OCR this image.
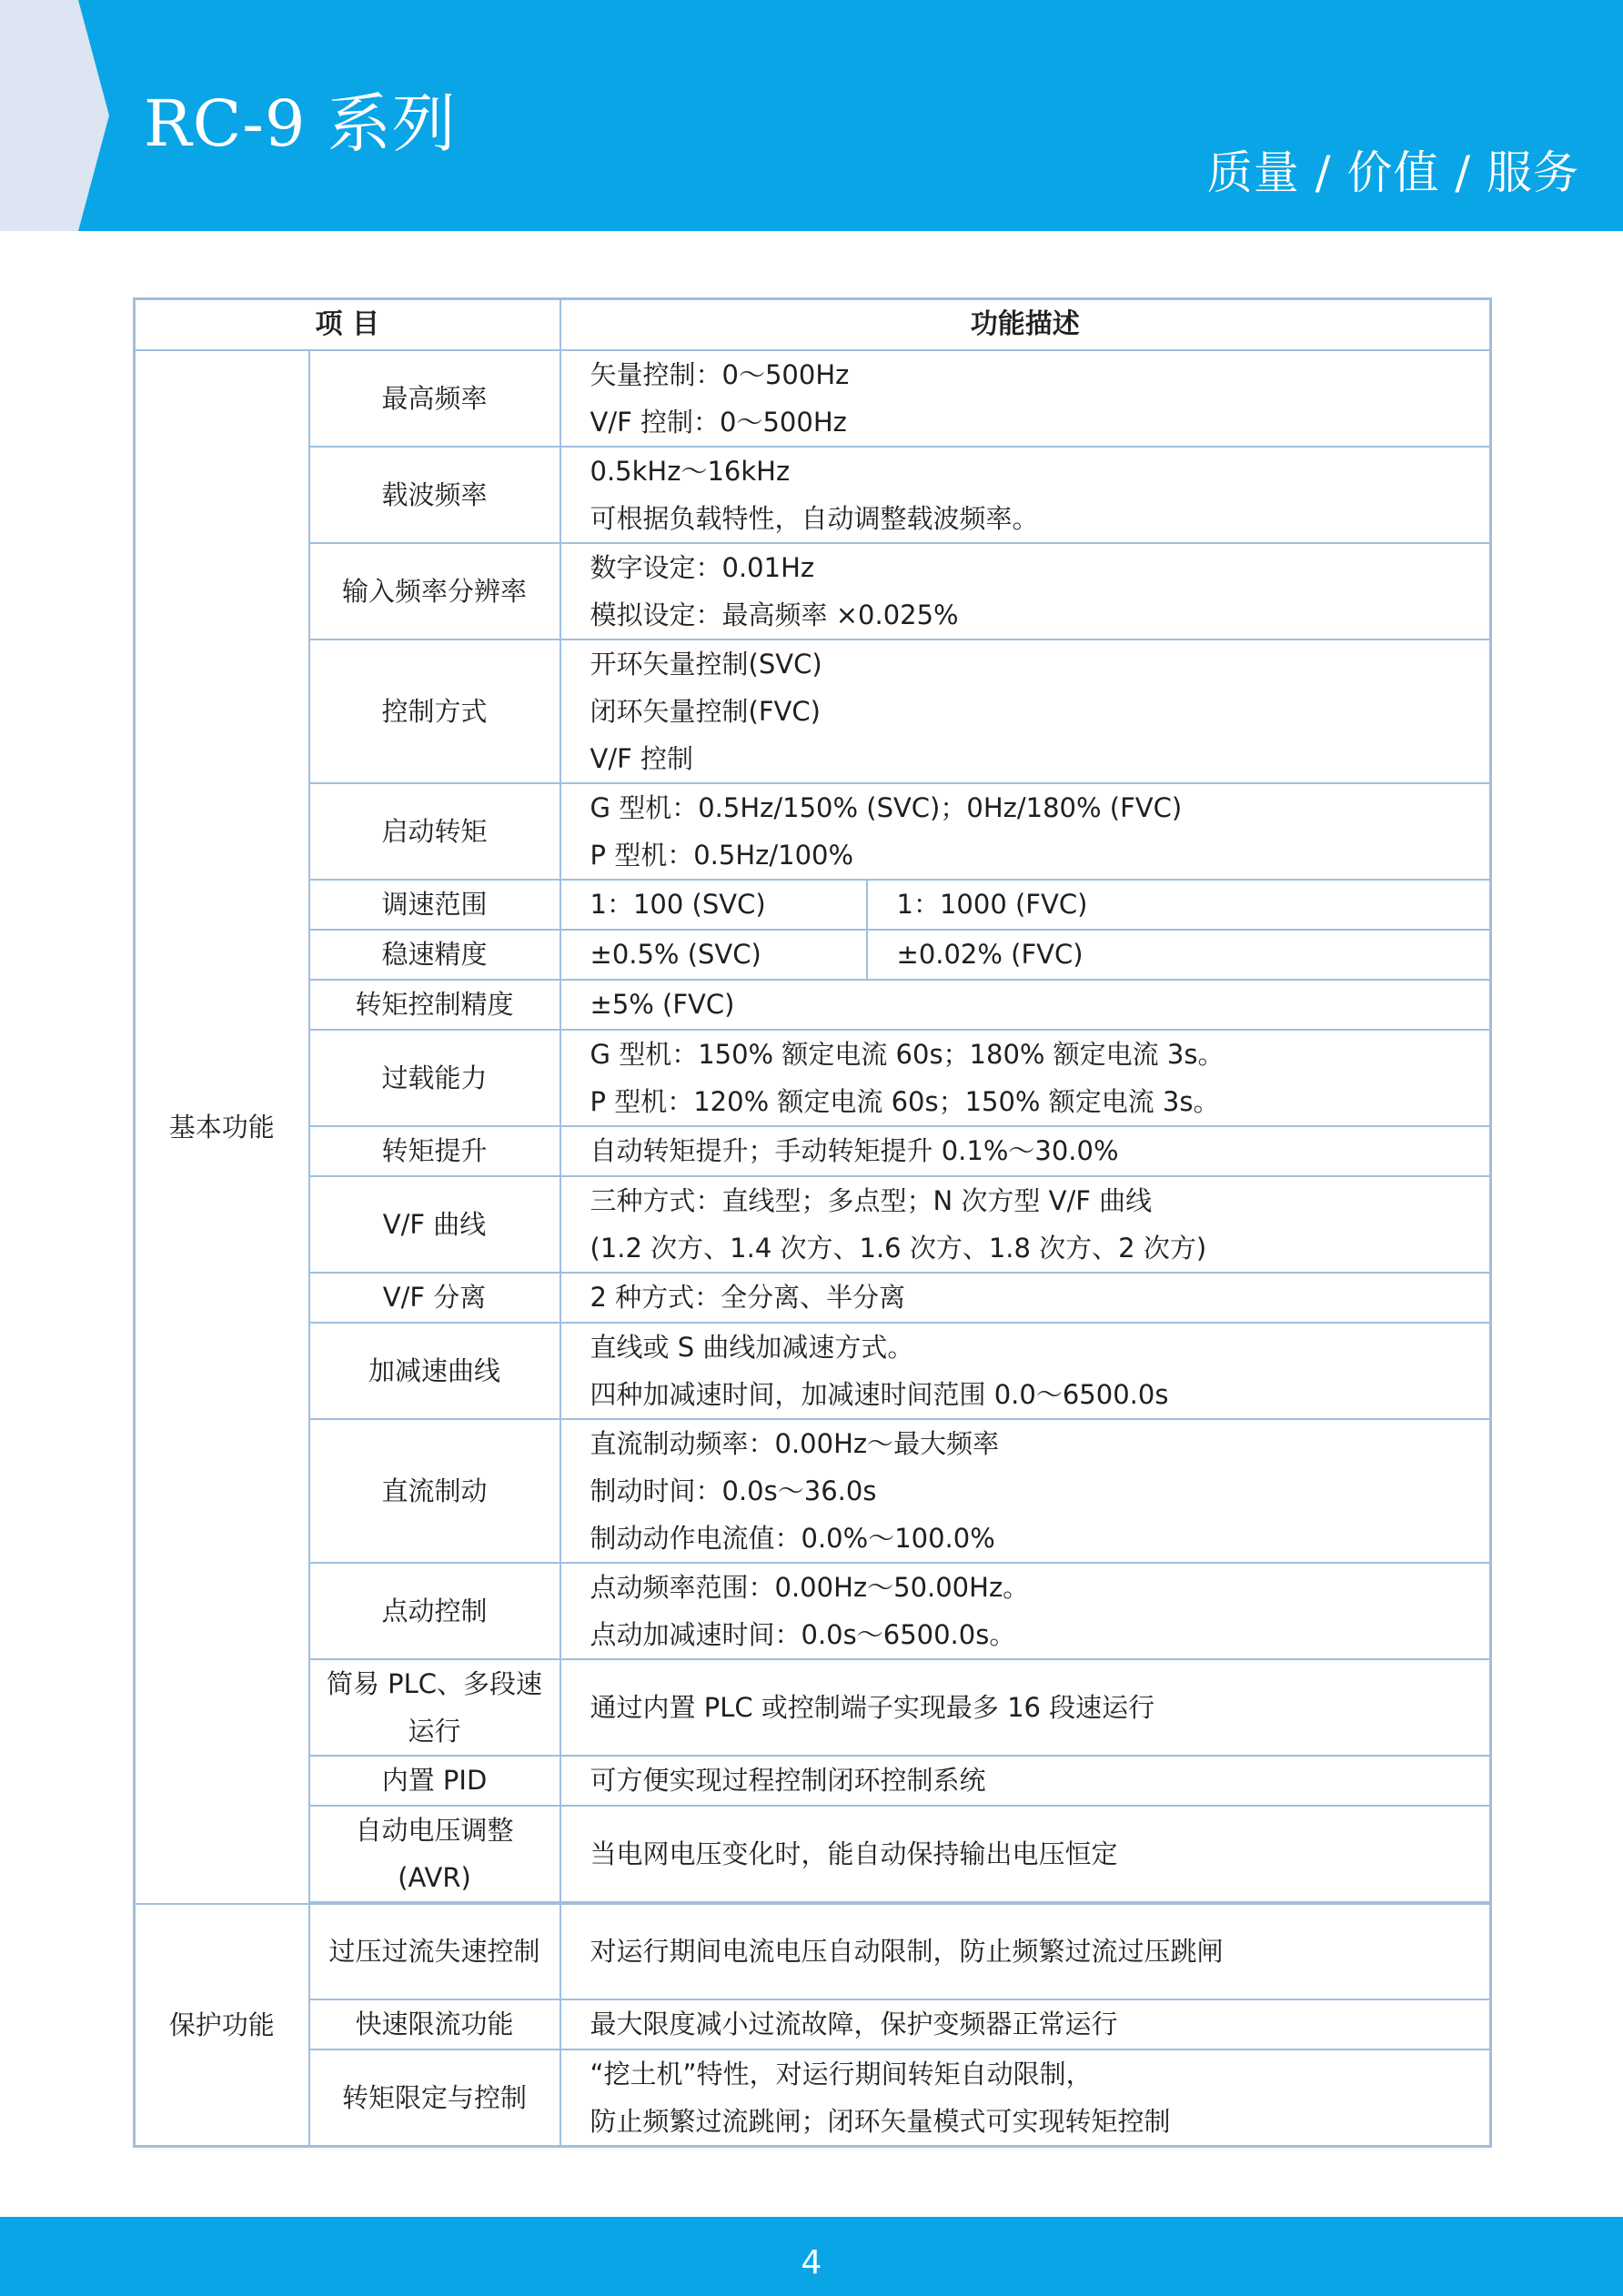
RC-9 系列
质量 / 价值 / 服务
项 目		功能描述	
基本功能	最高频率	矢量控制：0～500Hz
V/F 控制：0～500Hz	

	载波频率	0.5kHz～16kHz
可根据负载特性，自动调整载波频率。	

	输入频率分辨率	数字设定：0.01Hz
模拟设定：最高频率 ×0.025%	

	控制方式	开环矢量控制(SVC)
闭环矢量控制(FVC)
V/F 控制	

	启动转矩	G 型机：0.5Hz/150% (SVC)；0Hz/180% (FVC)
P 型机：0.5Hz/100%	

	调速范围	1：100 (SVC)	1：1000 (FVC)
	稳速精度	±0.5% (SVC)	±0.02% (FVC)
	转矩控制精度	±5% (FVC)	
	过载能力	G 型机：150% 额定电流 60s；180% 额定电流 3s。
P 型机：120% 额定电流 60s；150% 额定电流 3s。	

	转矩提升	自动转矩提升；手动转矩提升 0.1%～30.0%	
	V/F 曲线	三种方式：直线型；多点型；N 次方型 V/F 曲线
(1.2 次方、1.4 次方、1.6 次方、1.8 次方、2 次方)	

	V/F 分离	2 种方式：全分离、半分离	
	加减速曲线	直线或 S 曲线加减速方式。
四种加减速时间，加减速时间范围 0.0～6500.0s	

	直流制动	直流制动频率：0.00Hz～最大频率
制动时间：0.0s～36.0s
制动动作电流值：0.0%～100.0%	

	点动控制	点动频率范围：0.00Hz～50.00Hz。
点动加减速时间：0.0s～6500.0s。	

	简易 PLC、多段速运行	通过内置 PLC 或控制端子实现最多 16 段速运行	
	内置 PID	可方便实现过程控制闭环控制系统	
	自动电压调整 (AVR)	当电网电压变化时，能自动保持输出电压恒定	

保护功能	过压过流失速控制	对运行期间电流电压自动限制，防止频繁过流过压跳闸	
	快速限流功能	最大限度减小过流故障，保护变频器正常运行	
	转矩限定与控制	“挖土机”特性，对运行期间转矩自动限制，
防止频繁过流跳闸；闭环矢量模式可实现转矩控制	
4
